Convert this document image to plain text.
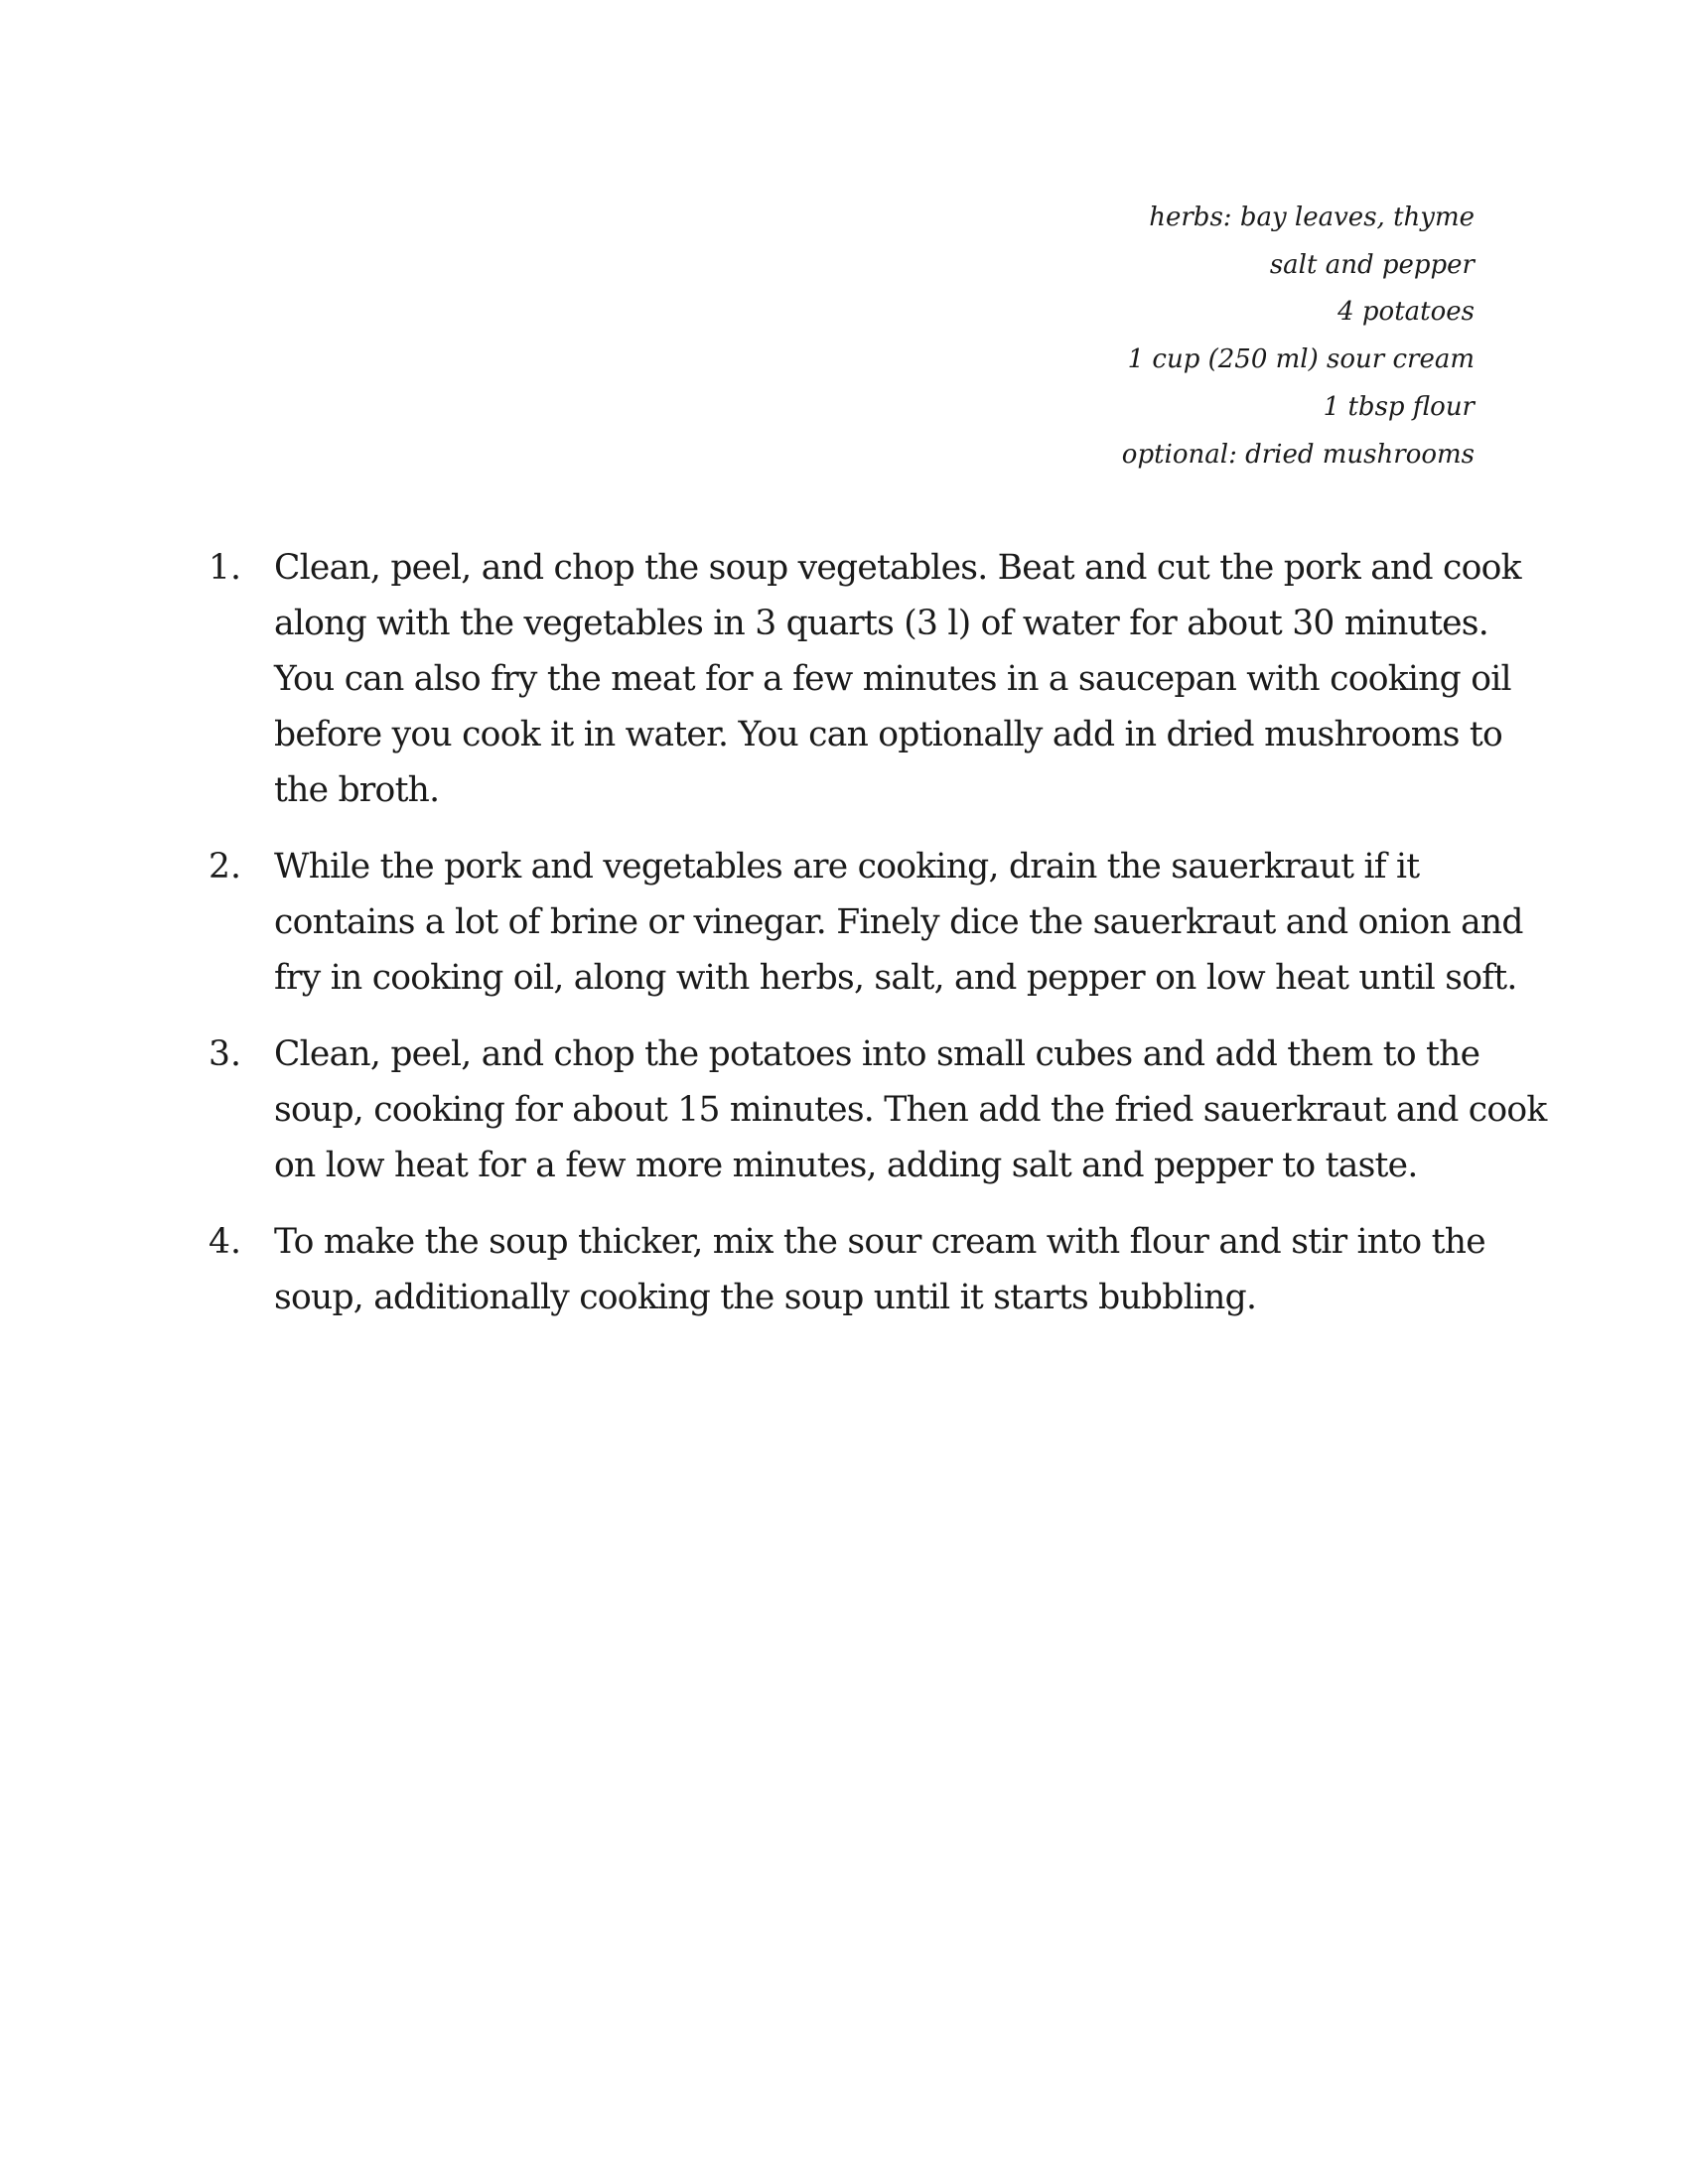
herbs: bay leaves, thyme
salt and pepper
4 potatoes
1 cup (250 ml) sour cream
1 tbsp flour
optional: dried mushrooms
1. Clean, peel, and chop the soup vegetables. Beat and cut the pork and cook along with the vegetables in 3 quarts (3 l) of water for about 30 minutes. You can also fry the meat for a few minutes in a saucepan with cooking oil before you cook it in water. You can optionally add in dried mushrooms to the broth.
2. While the pork and vegetables are cooking, drain the sauerkraut if it contains a lot of brine or vinegar. Finely dice the sauerkraut and onion and fry in cooking oil, along with herbs, salt, and pepper on low heat until soft.
3. Clean, peel, and chop the potatoes into small cubes and add them to the soup, cooking for about 15 minutes. Then add the fried sauerkraut and cook on low heat for a few more minutes, adding salt and pepper to taste.
4. To make the soup thicker, mix the sour cream with flour and stir into the soup, additionally cooking the soup until it starts bubbling.
